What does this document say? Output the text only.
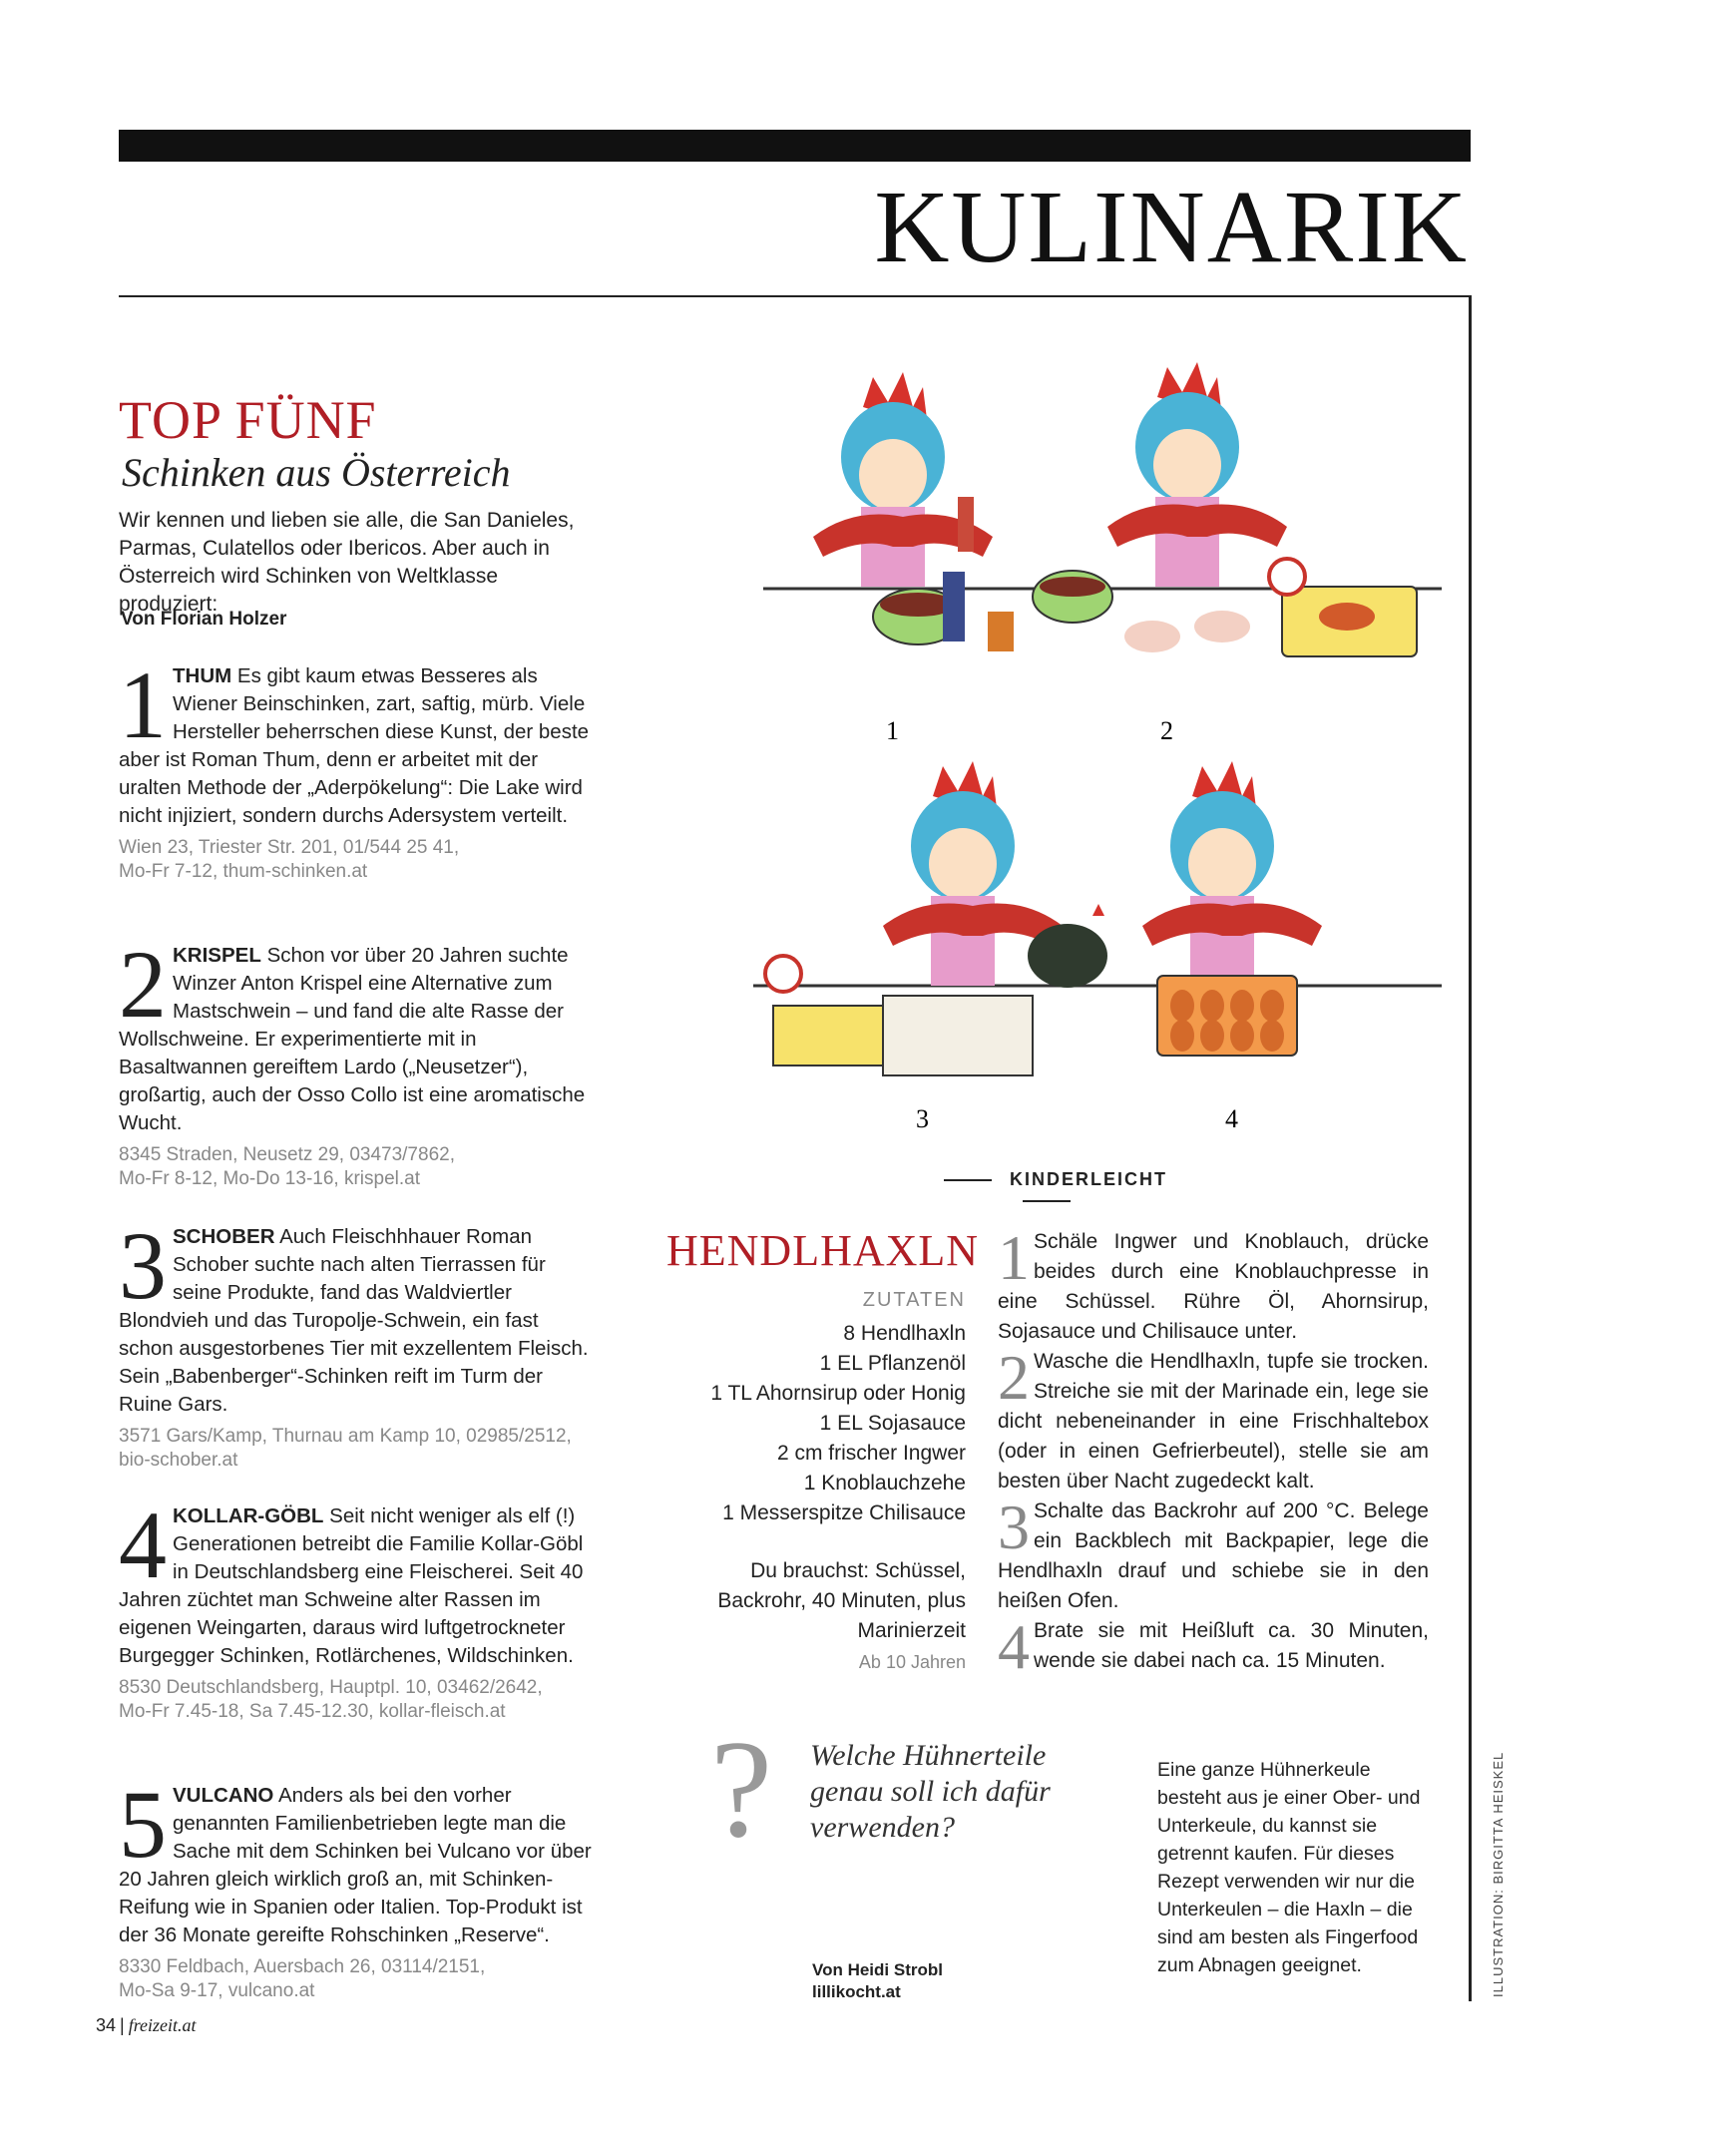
KULINARIK
TOP FÜNF
Schinken aus Österreich
Wir kennen und lieben sie alle, die San Danieles, Parmas, Culatellos oder Ibericos. Aber auch in Österreich wird Schinken von Weltklasse produziert:
Von Florian Holzer
1 THUM Es gibt kaum etwas Besseres als Wiener Beinschinken, zart, saftig, mürb. Viele Hersteller beherrschen diese Kunst, der beste aber ist Roman Thum, denn er arbeitet mit der uralten Methode der „Aderpökelung“: Die Lake wird nicht injiziert, sondern durchs Adersystem verteilt.
Wien 23, Triester Str. 201, 01/544 25 41,
Mo-Fr 7-12, thum-schinken.at
2 KRISPEL Schon vor über 20 Jahren suchte Winzer Anton Krispel eine Alternative zum Mastschwein – und fand die alte Rasse der Wollschweine. Er experimentierte mit in Basaltwannen gereiftem Lardo („Neusetzer“), großartig, auch der Osso Collo ist eine aromatische Wucht.
8345 Straden, Neusetz 29, 03473/7862,
Mo-Fr 8-12, Mo-Do 13-16, krispel.at
3 SCHOBER Auch Fleischhhauer Roman Schober suchte nach alten Tierrassen für seine Produkte, fand das Waldviertler Blondvieh und das Turopolje-Schwein, ein fast schon ausgestorbenes Tier mit exzellentem Fleisch. Sein „Babenberger“-Schinken reift im Turm der Ruine Gars.
3571 Gars/Kamp, Thurnau am Kamp 10, 02985/2512,
bio-schober.at
4 KOLLAR-GÖBL Seit nicht weniger als elf (!) Generationen betreibt die Familie Kollar-Göbl in Deutschlandsberg eine Fleischerei. Seit 40 Jahren züchtet man Schweine alter Rassen im eigenen Weingarten, daraus wird luftgetrockneter Burgegger Schinken, Rotlärchenes, Wildschinken.
8530 Deutschlandsberg, Hauptpl. 10, 03462/2642,
Mo-Fr 7.45-18, Sa 7.45-12.30, kollar-fleisch.at
5 VULCANO Anders als bei den vorher genannten Familienbetrieben legte man die Sache mit dem Schinken bei Vulcano vor über 20 Jahren gleich wirklich groß an, mit Schinken-Reifung wie in Spanien oder Italien. Top-Produkt ist der 36 Monate gereifte Rohschinken „Reserve“.
8330 Feldbach, Auersbach 26, 03114/2151,
Mo-Sa 9-17, vulcano.at
1	2
3	4
KINDERLEICHT
HENDLHAXLN
ZUTATEN
8 Hendlhaxln
1 EL Pflanzenöl
1 TL Ahornsirup oder Honig
1 EL Sojasauce
2 cm frischer Ingwer
1 Knoblauchzehe
1 Messerspitze Chilisauce
Du brauchst: Schüssel, Backrohr, 40 Minuten, plus Marinierzeit
Ab 10 Jahren

1 Schäle Ingwer und Knoblauch, drücke beides durch eine Knoblauchpresse in eine Schüssel. Rühre Öl, Ahornsirup, Sojasauce und Chilisauce unter.

2 Wasche die Hendlhaxln, tupfe sie trocken. Streiche sie mit der Marinade ein, lege sie dicht nebeneinander in eine Frischhaltebox (oder in einen Gefrierbeutel), stelle sie am besten über Nacht zugedeckt kalt.

3 Schalte das Backrohr auf 200 °C. Belege ein Backblech mit Backpapier, lege die Hendlhaxln drauf und schiebe sie in den heißen Ofen.

4 Brate sie mit Heißluft ca. 30 Minuten, wende sie dabei nach ca. 15 Minuten.

? Welche Hühnerteile genau soll ich dafür verwenden?
Eine ganze Hühnerkeule besteht aus je einer Ober- und Unterkeule, du kannst sie getrennt kaufen. Für dieses Rezept verwenden wir nur die Unterkeulen – die Haxln – die sind am besten als Fingerfood zum Abnagen geeignet.
Von Heidi Strobl
lillikocht.at	ILLUSTRATION: BIRGITTA HEISKEL
34 | freizeit.at
